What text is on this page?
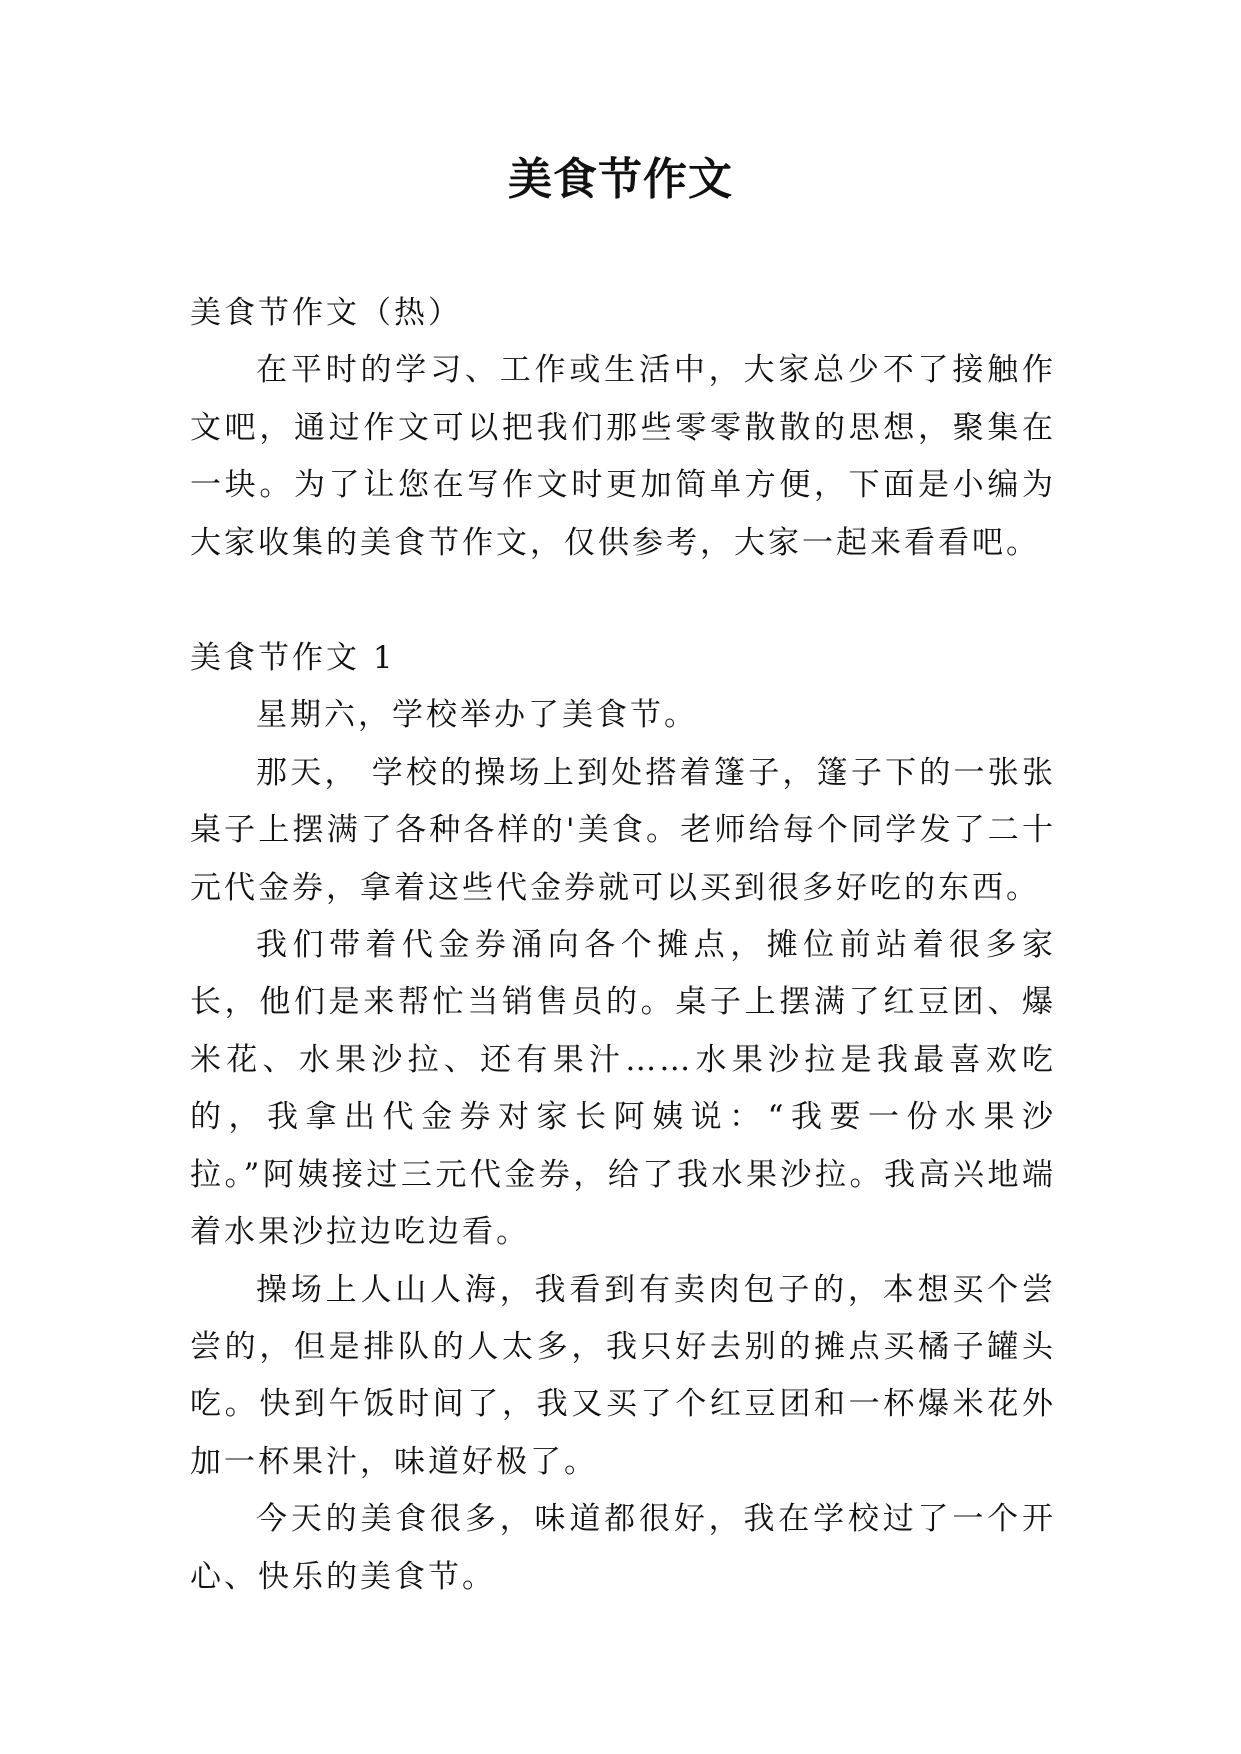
美食节作文
美食节作文（热）

在平时的学习、工作或生活中，大家总少不了接触作文吧，通过作文可以把我们那些零零散散的思想，聚集在一块。为了让您在写作文时更加简单方便，下面是小编为大家收集的美食节作文，仅供参考，大家一起来看看吧。

美食节作文 1

星期六，学校举办了美食节。

那天， 学校的操场上到处搭着篷子，篷子下的一张张桌子上摆满了各种各样的'美食。老师给每个同学发了二十元代金券，拿着这些代金券就可以买到很多好吃的东西。

我们带着代金券涌向各个摊点，摊位前站着很多家长，他们是来帮忙当销售员的。桌子上摆满了红豆团、爆米花、水果沙拉、还有果汁……水果沙拉是我最喜欢吃的，我拿出代金券对家长阿姨说：“我要一份水果沙拉。”阿姨接过三元代金券，给了我水果沙拉。我高兴地端着水果沙拉边吃边看。

操场上人山人海，我看到有卖肉包子的，本想买个尝尝的，但是排队的人太多，我只好去别的摊点买橘子罐头吃。快到午饭时间了，我又买了个红豆团和一杯爆米花外加一杯果汁，味道好极了。

今天的美食很多，味道都很好，我在学校过了一个开心、快乐的美食节。
